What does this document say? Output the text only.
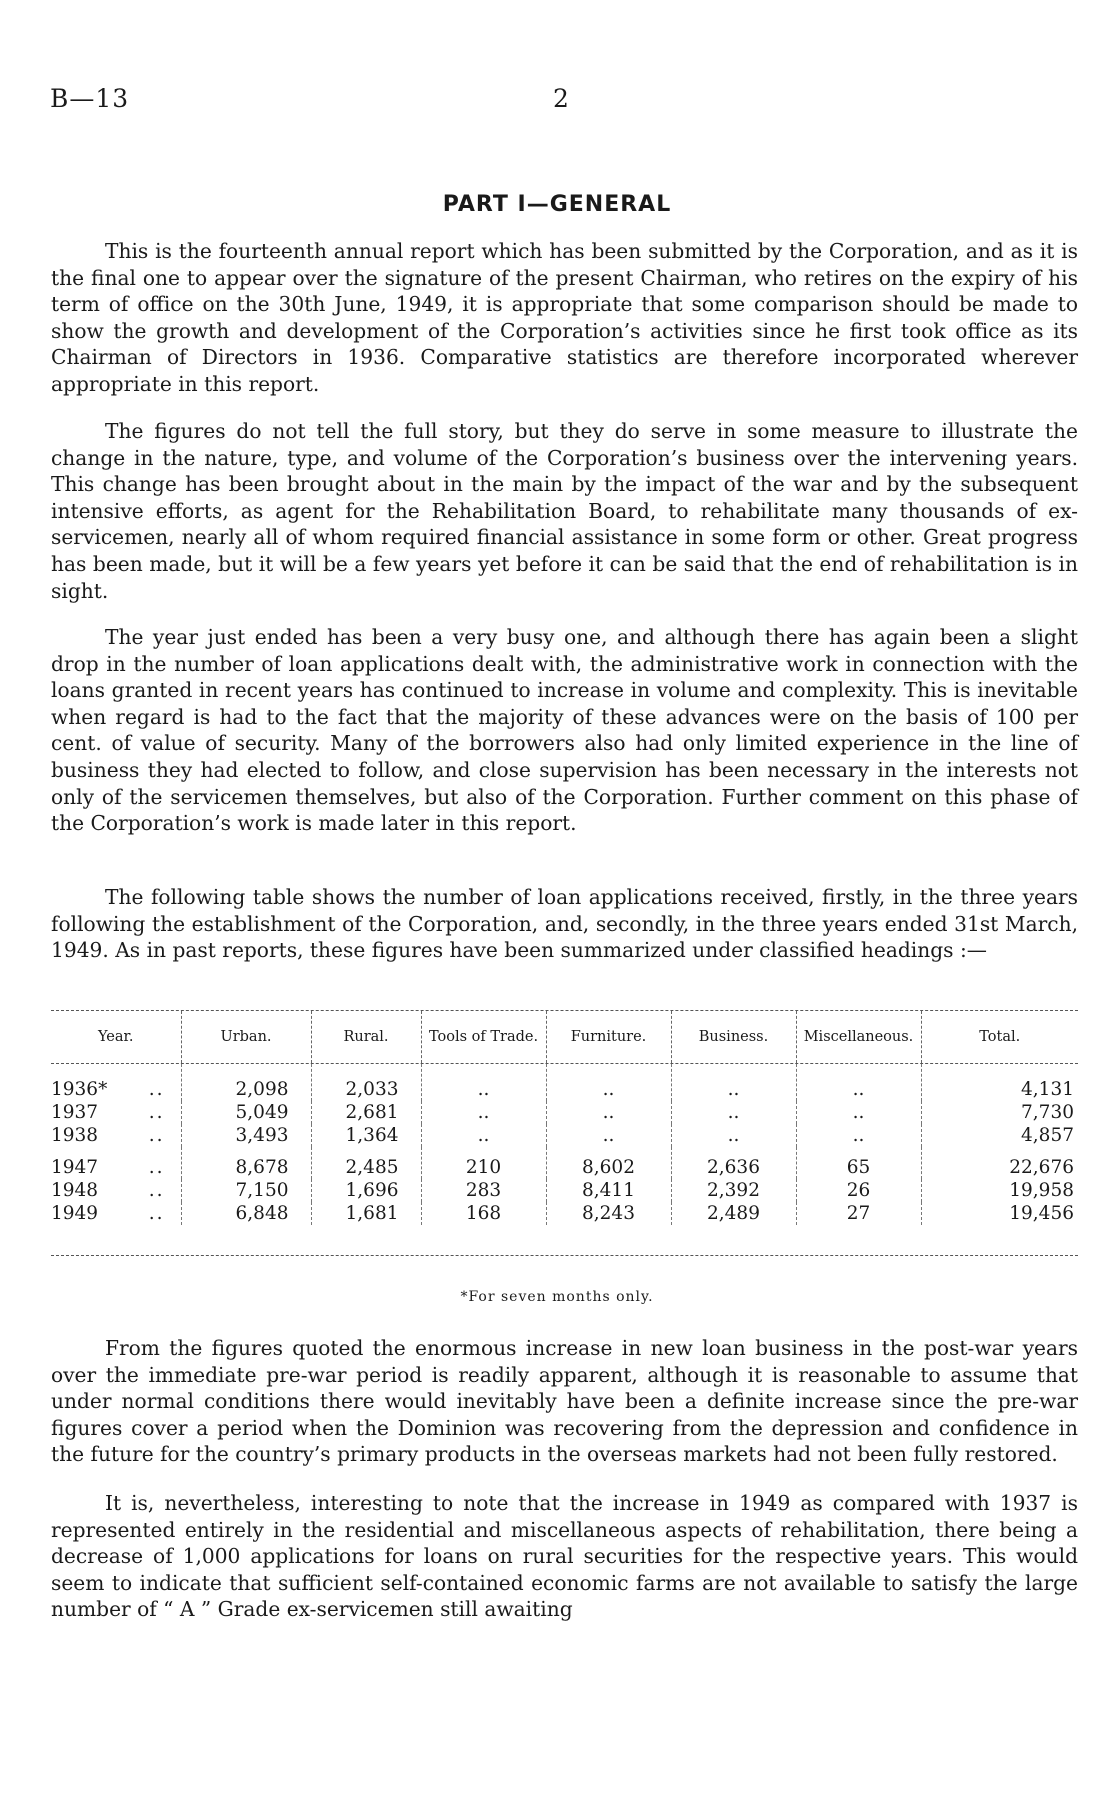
B—13	2
PART I—GENERAL

This is the fourteenth annual report which has been submitted by the Corporation, and as it is the final one to appear over the signature of the present Chairman, who retires on the expiry of his term of office on the 30th June, 1949, it is appropriate that some comparison should be made to show the growth and development of the Corporation’s activities since he first took office as its Chairman of Directors in 1936. Comparative statistics are therefore incorporated wherever appropriate in this report.

The figures do not tell the full story, but they do serve in some measure to illustrate the change in the nature, type, and volume of the Corporation’s business over the intervening years. This change has been brought about in the main by the impact of the war and by the subsequent intensive efforts, as agent for the Rehabilitation Board, to rehabilitate many thousands of ex-servicemen, nearly all of whom required financial assistance in some form or other. Great progress has been made, but it will be a few years yet before it can be said that the end of rehabilitation is in sight.

The year just ended has been a very busy one, and although there has again been a slight drop in the number of loan applications dealt with, the administrative work in connection with the loans granted in recent years has continued to increase in volume and complexity. This is inevitable when regard is had to the fact that the majority of these advances were on the basis of 100 per cent. of value of security. Many of the borrowers also had only limited experience in the line of business they had elected to follow, and close supervision has been necessary in the interests not only of the servicemen themselves, but also of the Corporation. Further comment on this phase of the Corporation’s work is made later in this report.

The following table shows the number of loan applications received, firstly, in the three years following the establishment of the Corporation, and, secondly, in the three years ended 31st March, 1949. As in past reports, these figures have been summarized under classified headings :—

Year.	Urban.	Rural.	Tools of Trade.	Furniture.	Business.	Miscellaneous.	Total.

1936* ..	2,098	2,033	..	..	..	..	4,131
1937 ..	5,049	2,681	..	..	..	..	7,730
1938 ..	3,493	1,364	..	..	..	..	4,857
1947 ..	8,678	2,485	210	8,602	2,636	65	22,676
1948 ..	7,150	1,696	283	8,411	2,392	26	19,958
1949 ..	6,848	1,681	168	8,243	2,489	27	19,456

*For seven months only.

From the figures quoted the enormous increase in new loan business in the post-war years over the immediate pre-war period is readily apparent, although it is reasonable to assume that under normal conditions there would inevitably have been a definite increase since the pre-war figures cover a period when the Dominion was recovering from the depression and confidence in the future for the country’s primary products in the overseas markets had not been fully restored.

It is, nevertheless, interesting to note that the increase in 1949 as compared with 1937 is represented entirely in the residential and miscellaneous aspects of rehabilitation, there being a decrease of 1,000 applications for loans on rural securities for the respective years. This would seem to indicate that sufficient self-contained economic farms are not available to satisfy the large number of “ A ” Grade ex-servicemen still awaiting
